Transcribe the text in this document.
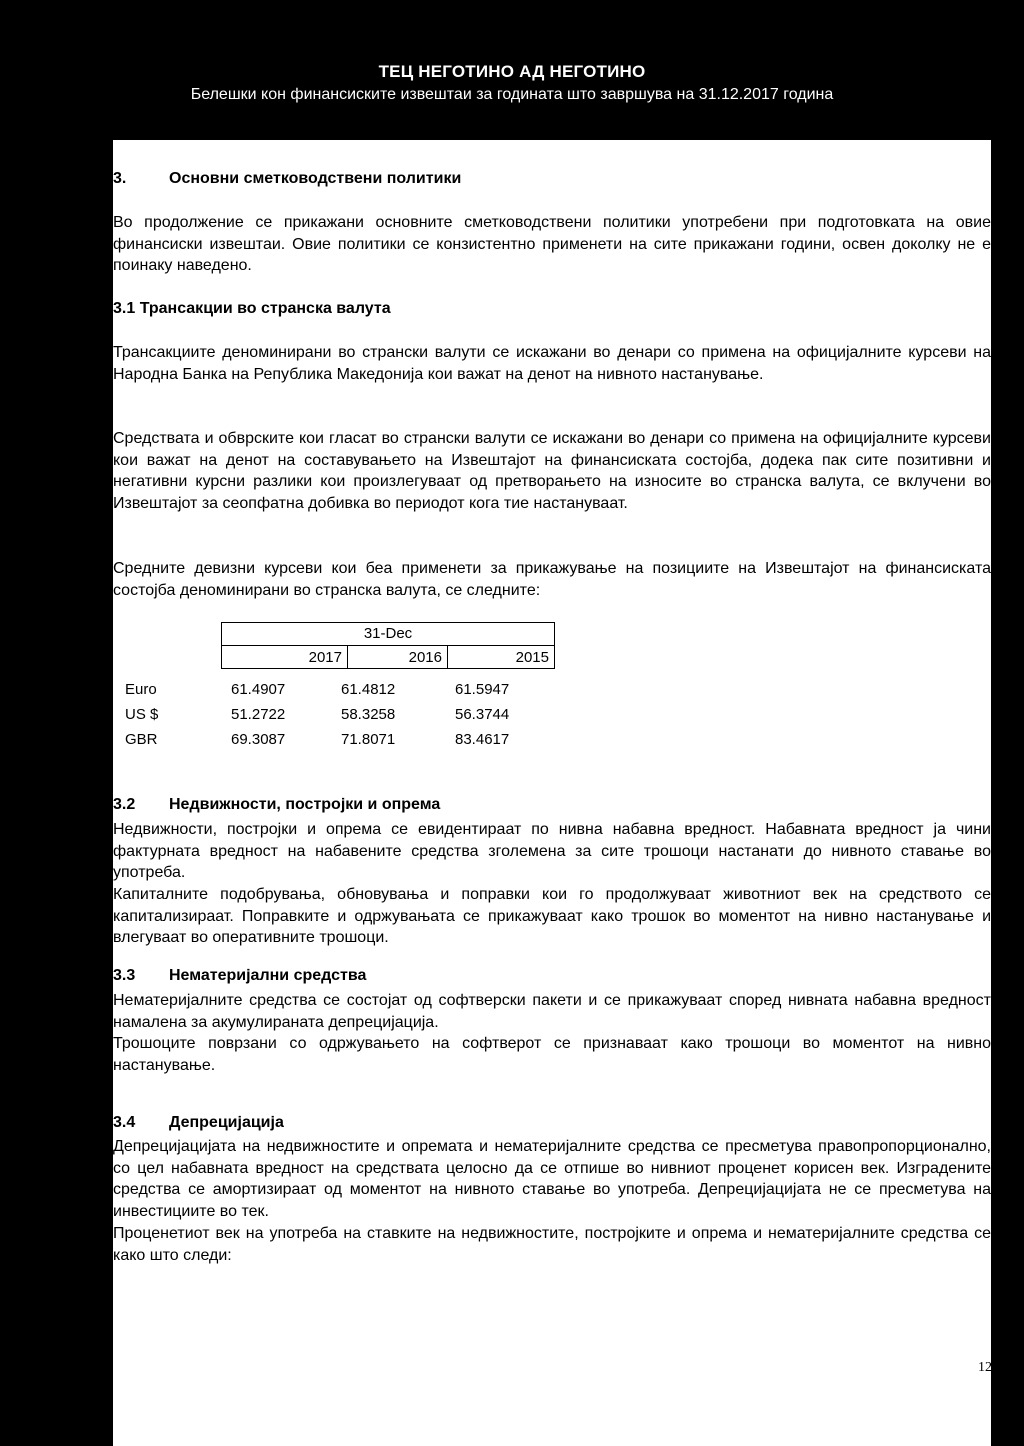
ТЕЦ НЕГОТИНО АД НЕГОТИНО
Белешки кон финансиските извештаи за годината што завршува на 31.12.2017 година
3.	Основни сметководствени политики
Во продолжение се прикажани основните сметководствени политики употребени при подготовката на овие финансиски извештаи. Овие политики се конзистентно применети на сите прикажани години, освен доколку не е поинаку наведено.
3.1 Трансакции во странска валута
Трансакциите деноминирани во странски валути се искажани во денари со примена на официјалните курсеви на Народна Банка на Република Македонија кои важат на денот на нивното настанување.
Средствата и обврските кои гласат во странски валути се искажани во денари со примена на официјалните курсеви кои важат на денот на составувањето на Извештајот на финансиската состојба, додека пак сите позитивни и негативни курсни разлики кои произлегуваат од претворањето на износите во странска валута, се вклучени во Извештајот за сеопфатна добивка во периодот кога тие настануваат.
Средните девизни курсеви кои беа применети за прикажување на позициите на Извештајот на финансиската состојба деноминирани во странска валута, се следните:
31-Dec
2017	2016	2015
Euro	61.4907	61.4812	61.5947
US $	51.2722	58.3258	56.3744
GBR	69.3087	71.8071	83.4617
3.2 Недвижности, постројки и опрема
Недвижности, постројки и опрема се евидентираат по нивна набавна вредност. Набавната вредност ја чини фактурната вредност на набавените средства зголемена за сите трошоци настанати до нивното ставање во употреба.
Капиталните подобрувања, обновувања и поправки кои го продолжуваат животниот век на средството се капитализираат. Поправките и одржувањата се прикажуваат како трошок во моментот на нивно настанување и влегуваат во оперативните трошоци.
3.3 Нематеријални средства
Нематеријалните средства се состојат од софтверски пакети и се прикажуваат според нивната набавна вредност намалена за акумулираната депрецијација.
Трошоците поврзани со одржувањето на софтверот се признаваат како трошоци во моментот на нивно настанување.
3.4 Депрецијација
Депрецијацијата на недвижностите и опремата и нематеријалните средства се пресметува правопропорционално, со цел набавната вредност на средствата целосно да се отпише во нивниот проценет корисен век. Изградените средства се амортизираат од моментот на нивното ставање во употреба. Депрецијацијата не се пресметува на инвестициите во тек.
Проценетиот век на употреба на ставките на недвижностите, постројките и опрема и нематеријалните средства се како што следи:
12
